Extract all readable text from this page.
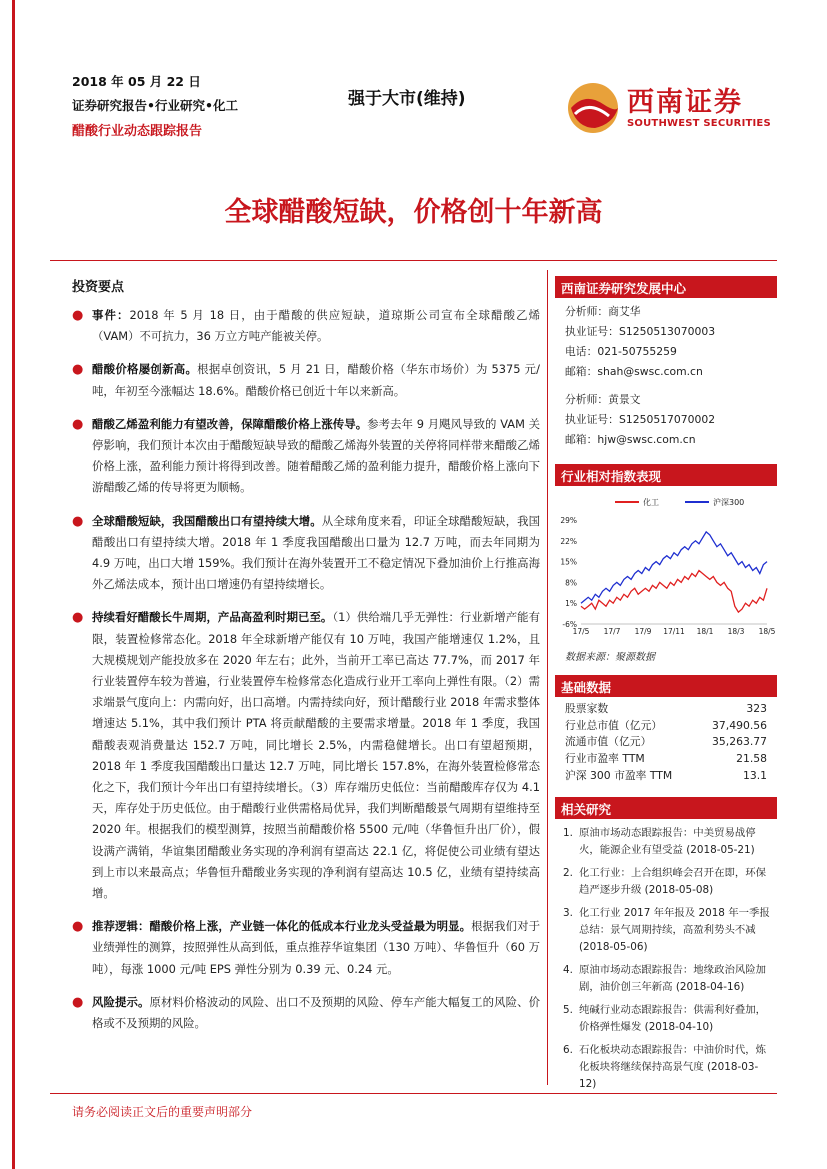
2018 年 05 月 22 日
证券研究报告•行业研究•化工
醋酸行业动态跟踪报告
强于大市(维持)	西南证券
SOUTHWEST SECURITIES
全球醋酸短缺，价格创十年新高
投资要点
● 事件：2018 年 5 月 18 日，由于醋酸的供应短缺，道琼斯公司宣布全球醋酸乙烯（VAM）不可抗力，36 万立方吨产能被关停。
● 醋酸价格屡创新高。根据卓创资讯，5 月 21 日，醋酸价格（华东市场价）为 5375 元/吨，年初至今涨幅达 18.6%。醋酸价格已创近十年以来新高。
● 醋酸乙烯盈利能力有望改善，保障醋酸价格上涨传导。参考去年 9 月飓风导致的 VAM 关停影响，我们预计本次由于醋酸短缺导致的醋酸乙烯海外装置的关停将同样带来醋酸乙烯价格上涨，盈利能力预计将得到改善。随着醋酸乙烯的盈利能力提升，醋酸价格上涨向下游醋酸乙烯的传导将更为顺畅。
● 全球醋酸短缺，我国醋酸出口有望持续大增。从全球角度来看，印证全球醋酸短缺，我国醋酸出口有望持续大增。2018 年 1 季度我国醋酸出口量为 12.7 万吨，而去年同期为 4.9 万吨，出口大增 159%。我们预计在海外装置开工不稳定情况下叠加油价上行推高海外乙烯法成本，预计出口增速仍有望持续增长。
● 持续看好醋酸长牛周期，产品高盈利时期已至。（1）供给端几乎无弹性：行业新增产能有限，装置检修常态化。2018 年全球新增产能仅有 10 万吨，我国产能增速仅 1.2%，且大规模规划产能投放多在 2020 年左右；此外，当前开工率已高达 77.7%，而 2017 年行业装置停车较为普遍，行业装置停车检修常态化造成行业开工率向上弹性有限。（2）需求端景气度向上：内需向好，出口高增。内需持续向好，预计醋酸行业 2018 年需求整体增速达 5.1%，其中我们预计 PTA 将贡献醋酸的主要需求增量。2018 年 1 季度，我国醋酸表观消费量达 152.7 万吨，同比增长 2.5%，内需稳健增长。出口有望超预期，2018 年 1 季度我国醋酸出口量达 12.7 万吨，同比增长 157.8%，在海外装置检修常态化之下，我们预计今年出口有望持续增长。（3）库存端历史低位：当前醋酸库存仅为 4.1 天，库存处于历史低位。由于醋酸行业供需格局优异，我们判断醋酸景气周期有望维持至 2020 年。根据我们的模型测算，按照当前醋酸价格 5500 元/吨（华鲁恒升出厂价），假设满产满销，华谊集团醋酸业务实现的净利润有望高达 22.1 亿，将促使公司业绩有望达到上市以来最高点；华鲁恒升醋酸业务实现的净利润有望高达 10.5 亿，业绩有望持续高增。
● 推荐逻辑：醋酸价格上涨，产业链一体化的低成本行业龙头受益最为明显。根据我们对于业绩弹性的测算，按照弹性从高到低，重点推荐华谊集团（130 万吨）、华鲁恒升（60 万吨），每涨 1000 元/吨 EPS 弹性分别为 0.39 元、0.24 元。
● 风险提示。原材料价格波动的风险、出口不及预期的风险、停车产能大幅复工的风险、价格或不及预期的风险。
西南证券研究发展中心
分析师：商艾华
执业证号：S1250513070003
电话：021-50755259
邮箱：shah@swsc.com.cn
分析师：黄景文
执业证号：S1250517070002
邮箱：hjw@swsc.com.cn
行业相对指数表现
化工	沪深300
-6%
1%
8%
15%
22%
29%
17/5 17/7 17/9 17/11 18/1 18/3 18/5
数据来源：聚源数据
基础数据
股票家数	323
行业总市值（亿元）	37,490.56
流通市值（亿元）	35,263.77
行业市盈率 TTM	21.58
沪深 300 市盈率 TTM	13.1
相关研究
1. 原油市场动态跟踪报告：中美贸易战停火，能源企业有望受益 (2018-05-21)
2. 化工行业：上合组织峰会召开在即，环保趋严逐步升级 (2018-05-08)
3. 化工行业 2017 年年报及 2018 年一季报总结：景气周期持续，高盈利势头不减 (2018-05-06)
4. 原油市场动态跟踪报告：地缘政治风险加剧，油价创三年新高 (2018-04-16)
5. 纯碱行业动态跟踪报告：供需利好叠加，价格弹性爆发 (2018-04-10)
6. 石化板块动态跟踪报告：中油价时代，炼化板块将继续保持高景气度 (2018-03-12)
请务必阅读正文后的重要声明部分
